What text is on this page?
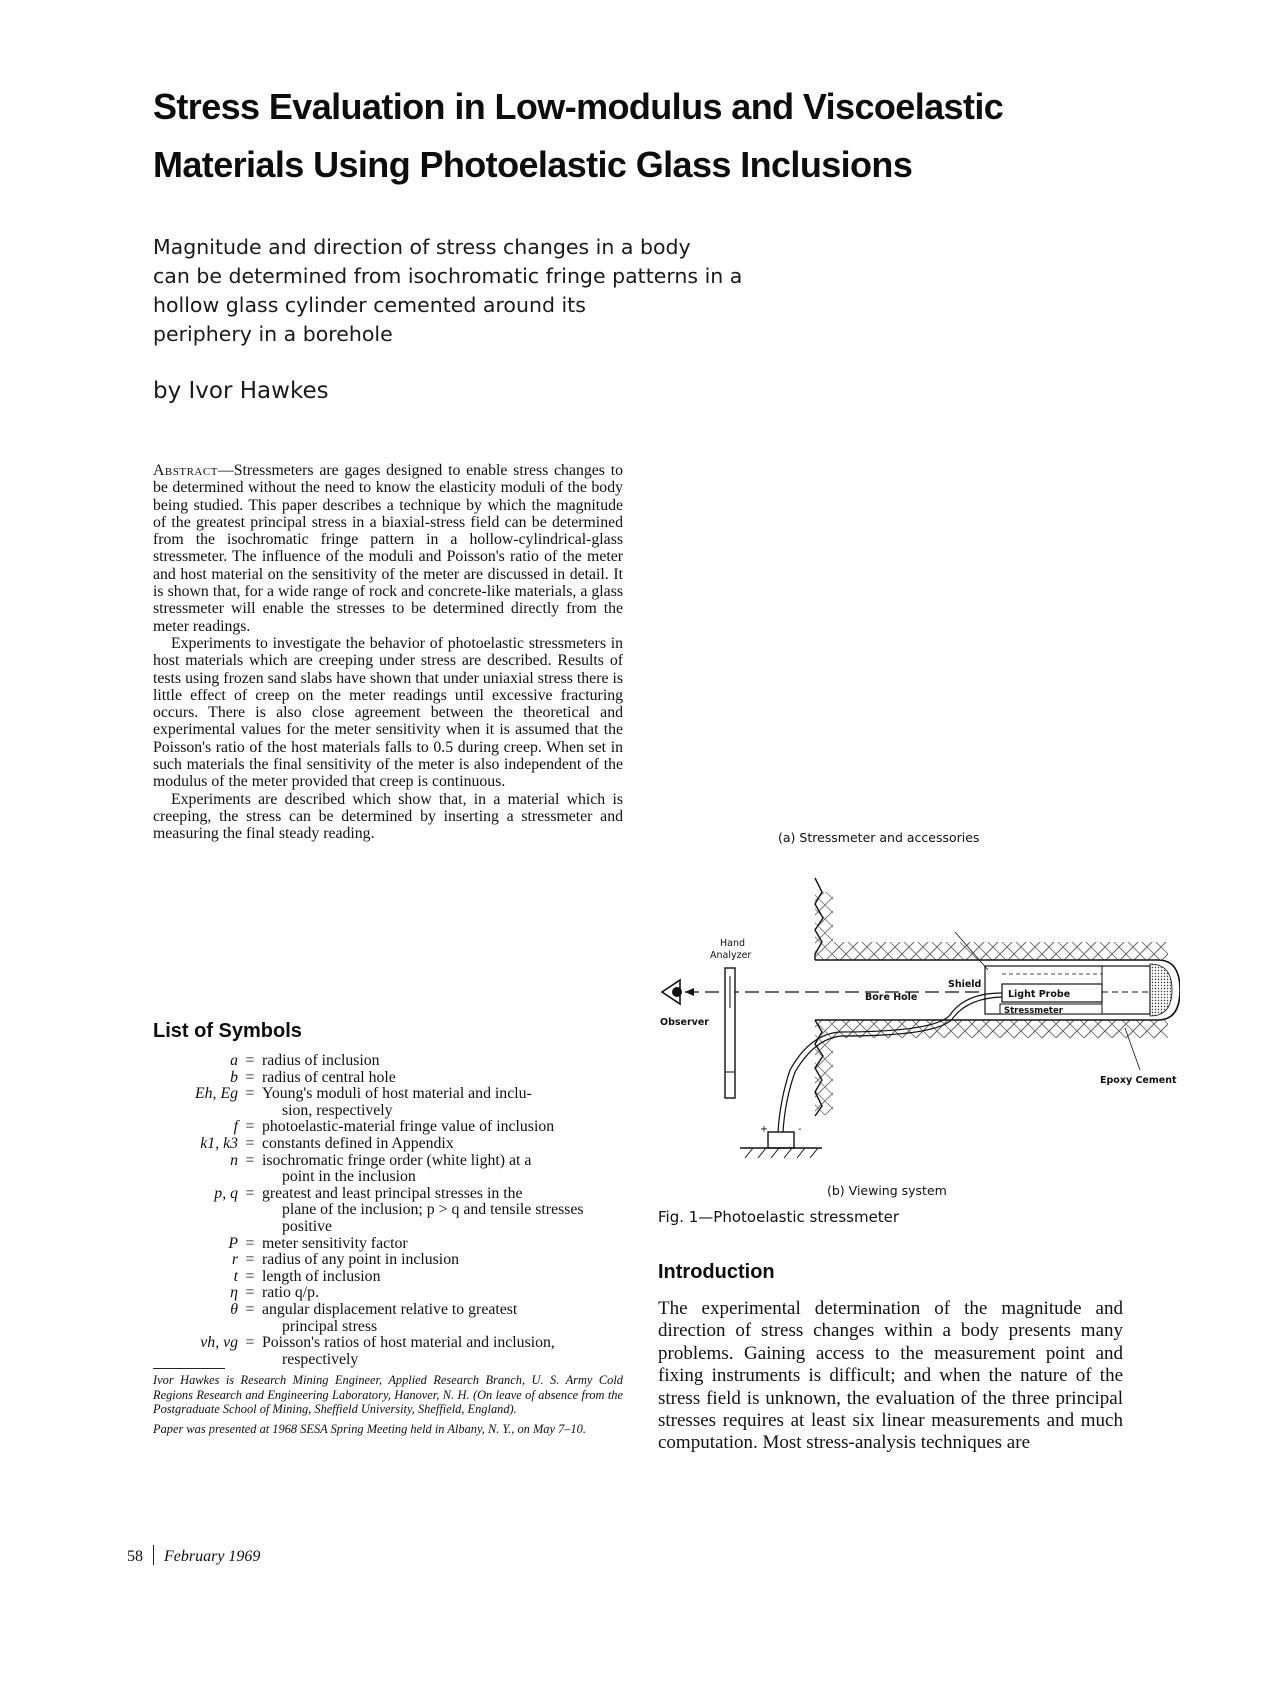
Stress Evaluation in Low-modulus and Viscoelastic
Materials Using Photoelastic Glass Inclusions
Magnitude and direction of stress changes in a body
can be determined from isochromatic fringe patterns in a
hollow glass cylinder cemented around its
periphery in a borehole
by Ivor Hawkes

Abstract—Stressmeters are gages designed to enable stress changes to be determined without the need to know the elasticity moduli of the body being studied. This paper describes a technique by which the magnitude of the greatest principal stress in a biaxial-stress field can be determined from the isochromatic fringe pattern in a hollow-cylindrical-glass stressmeter. The influence of the moduli and Poisson's ratio of the meter and host material on the sensitivity of the meter are discussed in detail. It is shown that, for a wide range of rock and concrete-like materials, a glass stressmeter will enable the stresses to be determined directly from the meter readings.

Experiments to investigate the behavior of photoelastic stressmeters in host materials which are creeping under stress are described. Results of tests using frozen sand slabs have shown that under uniaxial stress there is little effect of creep on the meter readings until excessive fracturing occurs. There is also close agreement between the theoretical and experimental values for the meter sensitivity when it is assumed that the Poisson's ratio of the host materials falls to 0.5 during creep. When set in such materials the final sensitivity of the meter is also independent of the modulus of the meter provided that creep is continuous.

Experiments are described which show that, in a material which is creeping, the stress can be determined by inserting a stressmeter and measuring the final steady reading.

List of Symbols
a = radius of inclusion
b = radius of central hole
Eh, Eg = Young's moduli of host material and inclu-
sion, respectively
f = photoelastic-material fringe value of inclusion
k1, k3 = constants defined in Appendix
n = isochromatic fringe order (white light) at a
point in the inclusion
p, q = greatest and least principal stresses in the
plane of the inclusion; p > q and tensile stresses positive
P = meter sensitivity factor
r = radius of any point in inclusion
t = length of inclusion
η = ratio q/p.
θ = angular displacement relative to greatest
principal stress
νh, νg = Poisson's ratios of host material and inclusion,
respectively

Ivor Hawkes is Research Mining Engineer, Applied Research Branch, U. S. Army Cold Regions Research and Engineering Laboratory, Hanover, N. H. (On leave of absence from the Postgraduate School of Mining, Sheffield University, Sheffield, England).

Paper was presented at 1968 SESA Spring Meeting held in Albany, N. Y., on May 7–10.

58 February 1969
(a) Stressmeter and accessories
+	-
Hand
Analyzer
Observer
Bore Hole
Shield
Light Probe
Stressmeter
Epoxy Cement
(b) Viewing system
Fig. 1—Photoelastic stressmeter
Introduction

The experimental determination of the magnitude and direction of stress changes within a body presents many problems. Gaining access to the measurement point and fixing instruments is difficult; and when the nature of the stress field is unknown, the evaluation of the three principal stresses requires at least six linear measurements and much computation. Most stress-analysis techniques are
